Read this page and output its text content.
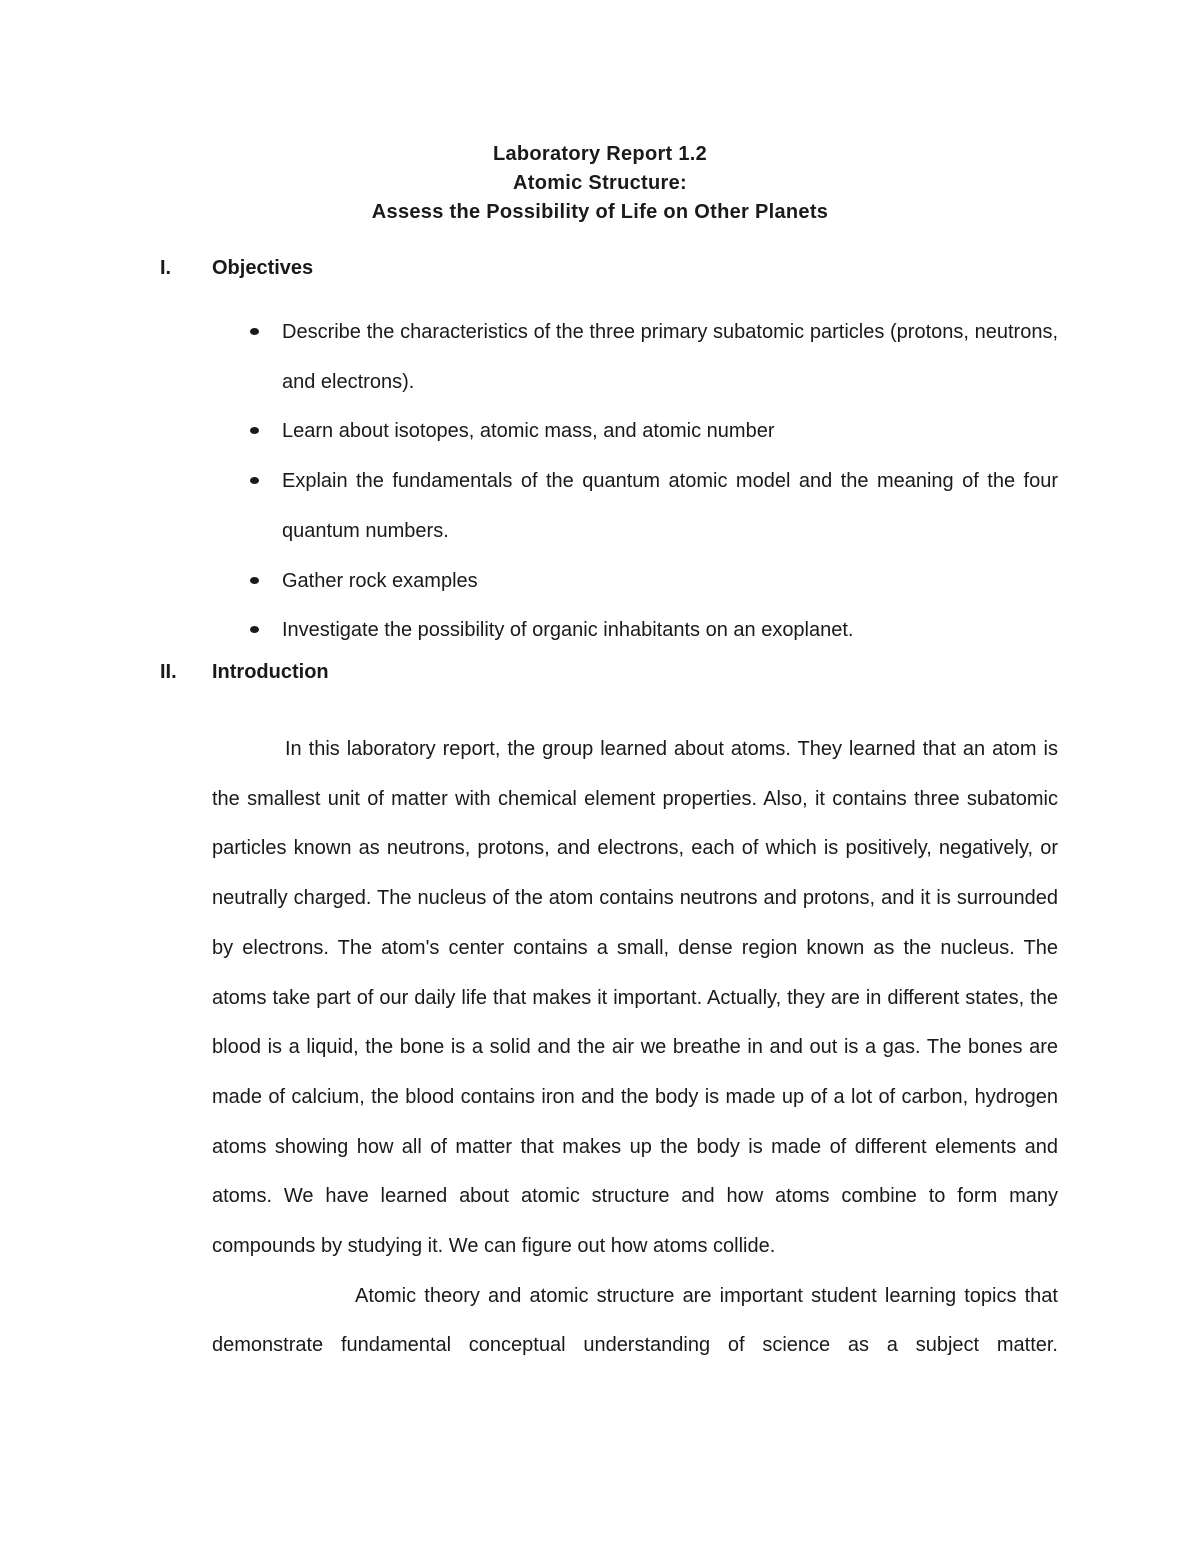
Laboratory Report 1.2
Atomic Structure:
Assess the Possibility of Life on Other Planets
I.	Objectives
Describe the characteristics of the three primary subatomic particles (protons, neutrons, and electrons).
Learn about isotopes, atomic mass, and atomic number
Explain the fundamentals of the quantum atomic model and the meaning of the four quantum numbers.
Gather rock examples
Investigate the possibility of organic inhabitants on an exoplanet.
II.	Introduction

In this laboratory report, the group learned about atoms. They learned that an atom is the smallest unit of matter with chemical element properties. Also, it contains three subatomic particles known as neutrons, protons, and electrons, each of which is positively, negatively, or neutrally charged. The nucleus of the atom contains neutrons and protons, and it is surrounded by electrons. The atom's center contains a small, dense region known as the nucleus. The atoms take part of our daily life that makes it important. Actually, they are in different states, the blood is a liquid, the bone is a solid and the air we breathe in and out is a gas. The bones are made of calcium, the blood contains iron and the body is made up of a lot of carbon, hydrogen atoms showing how all of matter that makes up the body is made of different elements and atoms. We have learned about atomic structure and how atoms combine to form many compounds by studying it. We can figure out how atoms collide.

Atomic theory and atomic structure are important student learning topics that demonstrate fundamental conceptual understanding of science as a subject matter.
